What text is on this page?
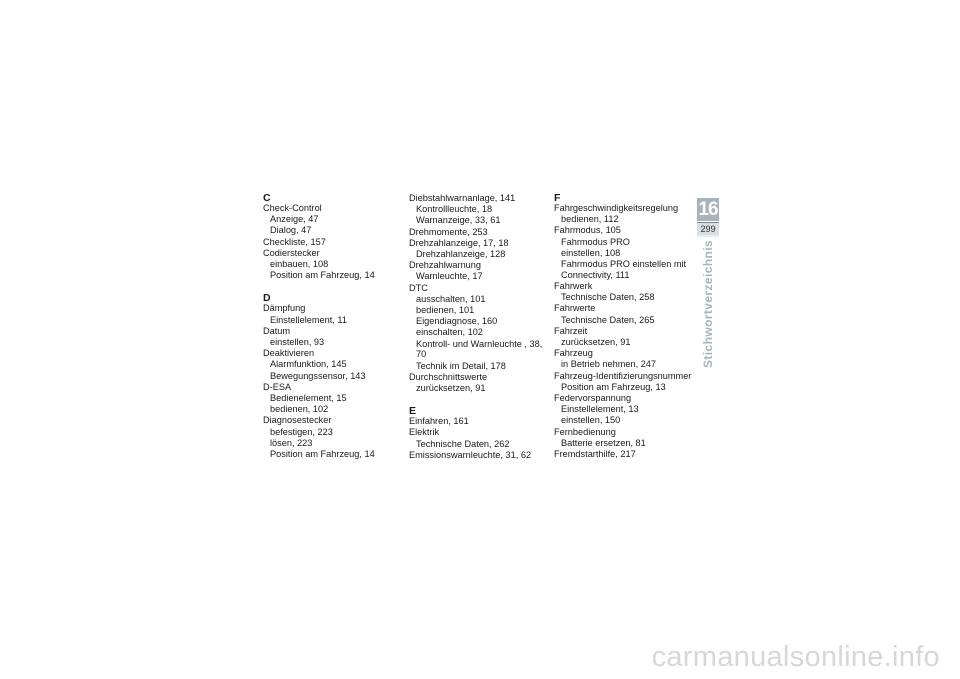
C
Check-Control
Anzeige, 47
Dialog, 47
Checkliste, 157
Codierstecker
einbauen, 108
Position am Fahrzeug, 14
D
Dämpfung
Einstellelement, 11
Datum
einstellen, 93
Deaktivieren
Alarmfunktion, 145
Bewegungssensor, 143
D-ESA
Bedienelement, 15
bedienen, 102
Diagnosestecker
befestigen, 223
lösen, 223
Position am Fahrzeug, 14
Diebstahlwarnanlage, 141
Kontrollleuchte, 18
Warnanzeige, 33, 61
Drehmomente, 253
Drehzahlanzeige, 17, 18
Drehzahlanzeige, 128
Drehzahlwarnung
Warnleuchte, 17
DTC
ausschalten, 101
bedienen, 101
Eigendiagnose, 160
einschalten, 102
Kontroll- und Warnleuchte , 38, 70
Technik im Detail, 178
Durchschnittswerte
zurücksetzen, 91
E
Einfahren, 161
Elektrik
Technische Daten, 262
Emissionswarnleuchte, 31, 62
F
Fahrgeschwindigkeitsregelung
bedienen, 112
Fahrmodus, 105
Fahrmodus PRO
einstellen, 108
Fahrmodus PRO einstellen mit Connectivity, 111
Fahrwerk
Technische Daten, 258
Fahrwerte
Technische Daten, 265
Fahrzeit
zurücksetzen, 91
Fahrzeug
in Betrieb nehmen, 247
Fahrzeug-Identifizierungsnummer
Position am Fahrzeug, 13
Federvorspannung
Einstellelement, 13
einstellen, 150
Fernbedienung
Batterie ersetzen, 81
Fremdstarthilfe, 217
16
299
Stichwortverzeichnis
carmanualsonline.info
